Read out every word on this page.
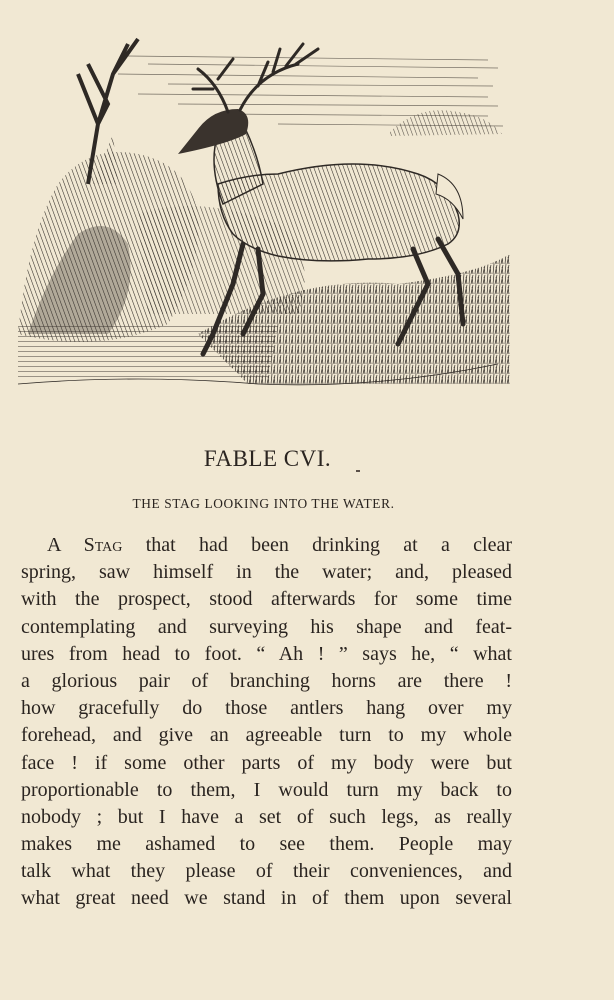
FABLE CVI.
THE STAG LOOKING INTO THE WATER.
A Stag that had been drinking at a clear
spring, saw himself in the water; and, pleased
with the prospect, stood afterwards for some time
contemplating and surveying his shape and feat-
ures from head to foot. “ Ah ! ” says he, “ what
a glorious pair of branching horns are there !
how gracefully do those antlers hang over my
forehead, and give an agreeable turn to my whole
face ! if some other parts of my body were but
proportionable to them, I would turn my back to
nobody ; but I have a set of such legs, as really
makes me ashamed to see them. People may
talk what they please of their conveniences, and
what great need we stand in of them upon several
